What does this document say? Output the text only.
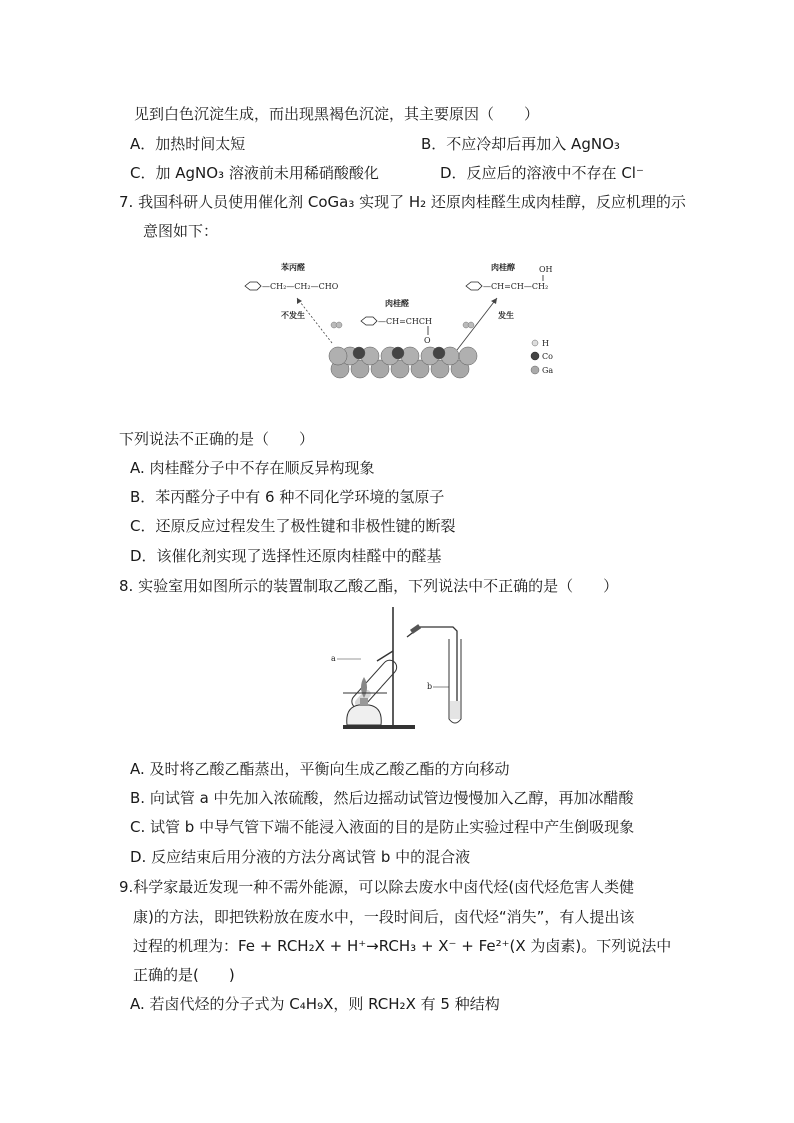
见到白色沉淀生成，而出现黑褐色沉淀，其主要原因（　　）
A．加热时间太短	B．不应冷却后再加入 AgNO₃
C．加 AgNO₃ 溶液前未用稀硝酸酸化	D．反应后的溶液中不存在 Cl⁻
7. 我国科研人员使用催化剂 CoGa₃ 实现了 H₂ 还原肉桂醛生成肉桂醇，反应机理的示
意图如下：
苯丙醛
—CH₂—CH₂—CHO
不发生
肉桂醛
—CH=CHCH
O
肉桂醇	OH
—CH=CH—CH₂
发生
H
Co
Ga
下列说法不正确的是（　　）
A. 肉桂醛分子中不存在顺反异构现象
B．苯丙醛分子中有 6 种不同化学环境的氢原子
C．还原反应过程发生了极性键和非极性键的断裂
D．该催化剂实现了选择性还原肉桂醛中的醛基
8. 实验室用如图所示的装置制取乙酸乙酯，下列说法中不正确的是（　　）
a
b
A. 及时将乙酸乙酯蒸出，平衡向生成乙酸乙酯的方向移动
B. 向试管 a 中先加入浓硫酸，然后边摇动试管边慢慢加入乙醇，再加冰醋酸
C. 试管 b 中导气管下端不能浸入液面的目的是防止实验过程中产生倒吸现象
D. 反应结束后用分液的方法分离试管 b 中的混合液
9.科学家最近发现一种不需外能源，可以除去废水中卤代烃(卤代烃危害人类健
康)的方法，即把铁粉放在废水中，一段时间后，卤代烃“消失”，有人提出该
过程的机理为：Fe + RCH₂X + H⁺→RCH₃ + X⁻ + Fe²⁺(X 为卤素)。下列说法中
正确的是(　　)
A. 若卤代烃的分子式为 C₄H₉X，则 RCH₂X 有 5 种结构
